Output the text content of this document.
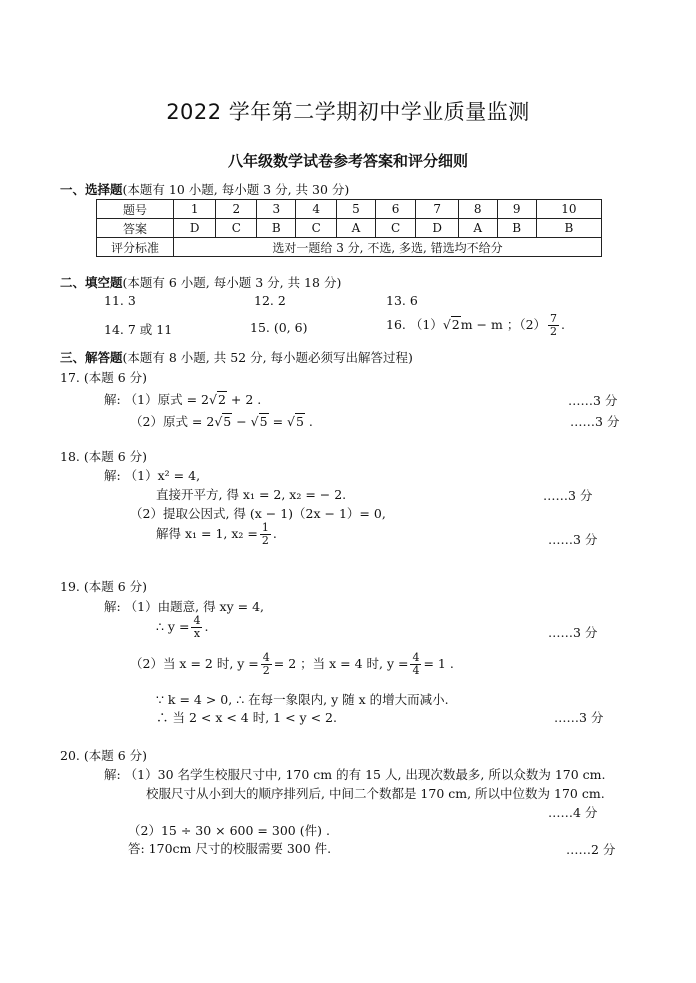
2022 学年第二学期初中学业质量监测
八年级数学试卷参考答案和评分细则
一、选择题(本题有 10 小题, 每小题 3 分, 共 30 分)
题号	1	2	3	4	5	6	7	8	9	10
答案	D	C	B	C	A	C	D	A	B	B
评分标准	选对一题给 3 分, 不选, 多选, 错选均不给分									
二、填空题(本题有 6 小题, 每小题 3 分, 共 18 分)
11. 3	12. 2	13. 6
14. 7 或 11	15. (0, 6)	16. （1）√2m − m ；$(2) \frac{7}{2}$ .
三、解答题(本题有 8 小题, 共 52 分, 每小题必须写出解答过程)
17. (本题 6 分)
解: （1）原式 = 2√2 + 2 .	……3 分
（2）原式 = 2√5 − √5 = √5 .	……3 分
18. (本题 6 分)
解: （1）x² = 4,
直接开平方, 得 x₁ = 2, x₂ = − 2.	……3 分
（2）提取公因式, 得 (x − 1)（2x − 1）= 0,
解得 x₁ = 1, $x_2 = \frac{1}{2}$ .	……3 分
19. (本题 6 分)
解: （1）由题意, 得 xy = 4,
∴ $y = \frac{4}{x}$ .	……3 分
（2）当 x = 2 时, $y = \frac{4}{2} = 2$ ；当 x = 4 时, $y = \frac{4}{4} = 1$ .
∵ k = 4 > 0, ∴ 在每一象限内, y 随 x 的增大而减小.
∴ 当 2 < x < 4 时, 1 < y < 2.	……3 分
20. (本题 6 分)
解: （1）30 名学生校服尺寸中, 170 cm 的有 15 人, 出现次数最多, 所以众数为 170 cm.
校服尺寸从小到大的顺序排列后, 中间二个数都是 170 cm, 所以中位数为 170 cm.
……4 分
（2）15 ÷ 30 × 600 = 300 (件) .
答: 170cm 尺寸的校服需要 300 件.	……2 分
